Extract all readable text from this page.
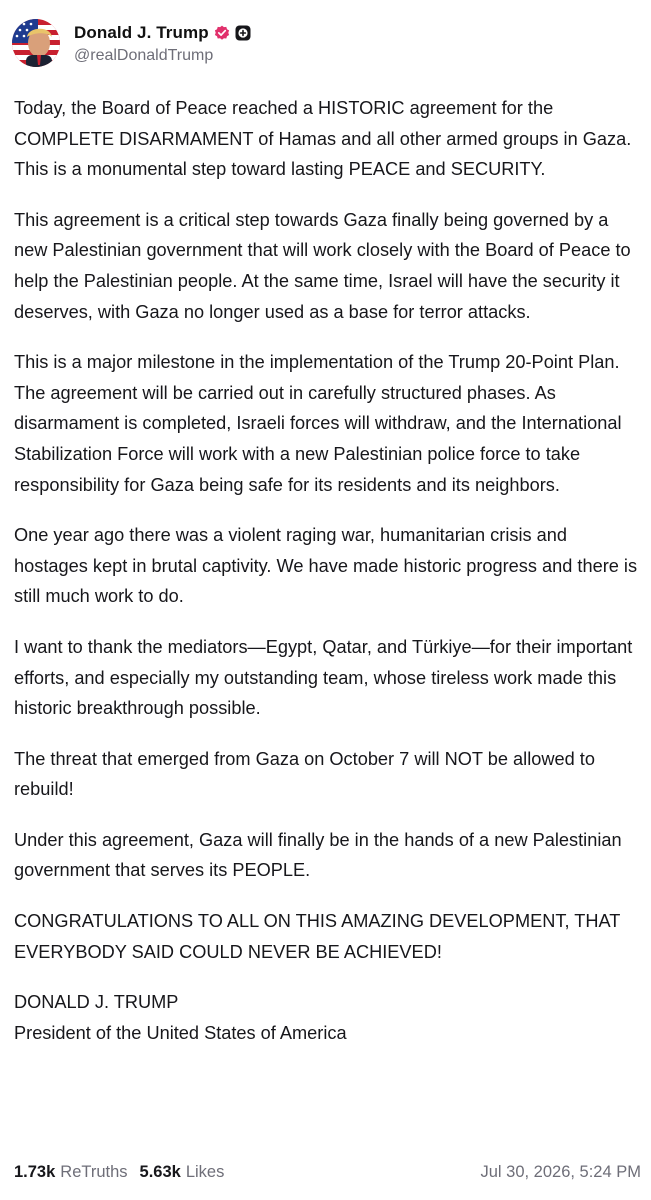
Donald J. Trump
@realDonaldTrump

Today, the Board of Peace reached a HISTORIC agreement for the COMPLETE DISARMAMENT of Hamas and all other armed groups in Gaza. This is a monumental step toward lasting PEACE and SECURITY.

This agreement is a critical step towards Gaza finally being governed by a new Palestinian government that will work closely with the Board of Peace to help the Palestinian people. At the same time, Israel will have the security it deserves, with Gaza no longer used as a base for terror attacks.

This is a major milestone in the implementation of the Trump 20-Point Plan. The agreement will be carried out in carefully structured phases. As disarmament is completed, Israeli forces will withdraw, and the International Stabilization Force will work with a new Palestinian police force to take responsibility for Gaza being safe for its residents and its neighbors.

One year ago there was a violent raging war, humanitarian crisis and hostages kept in brutal captivity. We have made historic progress and there is still much work to do.

I want to thank the mediators—Egypt, Qatar, and Türkiye—for their important efforts, and especially my outstanding team, whose tireless work made this historic breakthrough possible.

The threat that emerged from Gaza on October 7 will NOT be allowed to rebuild!

Under this agreement, Gaza will finally be in the hands of a new Palestinian government that serves its PEOPLE.

CONGRATULATIONS TO ALL ON THIS AMAZING DEVELOPMENT, THAT EVERYBODY SAID COULD NEVER BE ACHIEVED!

DONALD J. TRUMP
President of the United States of America

1.73k ReTruths 5.63k Likes	Jul 30, 2026, 5:24 PM
